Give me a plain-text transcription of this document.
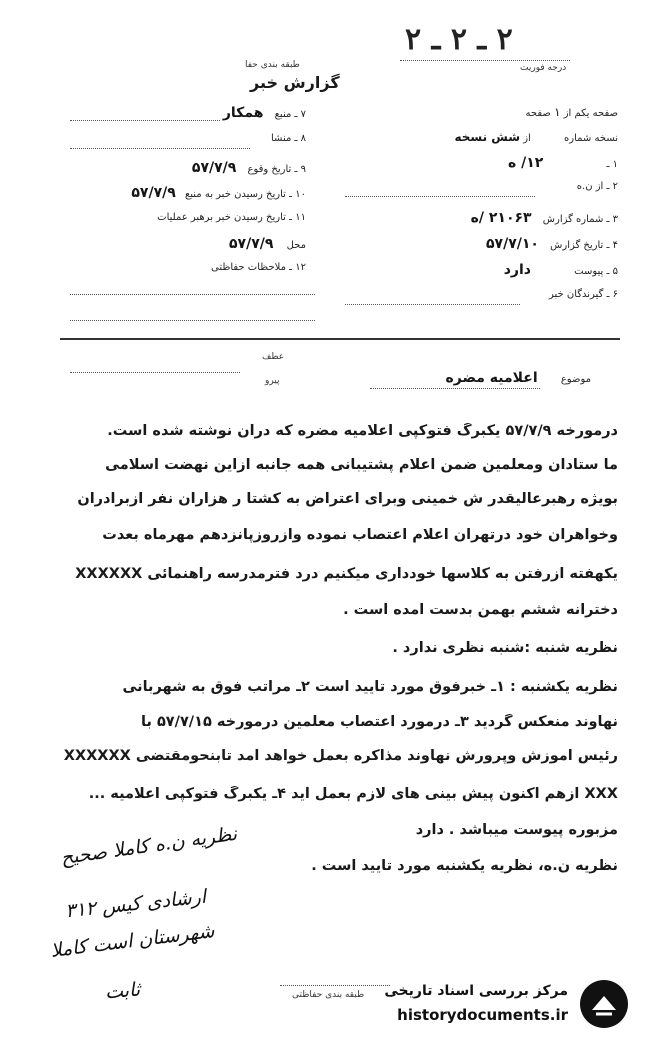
۲ ـ ۲ ـ ۲
درجه فوریت
طبقه بندی حفا
گزارش خبر
صفحه یکم از ۱ صفحه
نسخه شماره از شش نسخه
۱ ـ ۱۲/ ه
۲ ـ از ن.ه
۳ ـ شماره گزارش ۲۱۰۶۳ /ه
۴ ـ تاریخ گزارش ۵۷/۷/۱۰
۵ ـ پیوست دارد
۶ ـ گیرندگان خبر
۷ ـ منبع همکار
۸ ـ منشا
۹ ـ تاریخ وقوع ۵۷/۷/۹
۱۰ ـ تاریخ رسیدن خبر به منبع ۵۷/۷/۹
۱۱ ـ تاریخ رسیدن خبر برهبر عملیات
محل ۵۷/۷/۹
۱۲ ـ ملاحظات حفاظتی
عطف
پیرو	موضوع اعلامیه مضره
درمورخه ۵۷/۷/۹ یکبرگ فتوکپی اعلامیه مضره که درآن نوشته شده است.
ما ستادان ومعلمین ضمن اعلام پشتیبانی همه جانبه ازاین نهضت اسلامی
بویژه رهبرعالیقدر ش خمینی وبرای اعتراض به کشتا ر هزاران نفر ازبرادران
وخواهران خود درتهران اعلام اعتصاب نموده وازروزپانزدهم مهرماه بعدت
یکهفته ازرفتن به کلاسها خودداری میکنیم درد فترمدرسه راهنمائی XXXXXX
دخترانه ششم بهمن بدست آمده است .
نظریه شنبه :شنبه نظری ندارد .
نظریه یکشنبه : ۱ـ خبرفوق مورد تایید است ۲ـ مراتب فوق به شهربانی
نهاوند منعکس گردید ۳ـ درمورد اعتصاب معلمین درمورخه ۵۷/۷/۱۵ با
رئیس آموزش وپرورش نهاوند مذاکره بعمل خواهد آمد تابنحومقتضی XXXXXX
XXX ازهم اکنون پیش بینی های لازم بعمل آید ۴ـ یکبرگ فتوکپی اعلامیه ...
مزبوره پیوست میباشد . دارد
نظریه ن.ه، نظریه یکشنبه مورد تایید است .
نظریه ن.ه کاملا صحیح
ارشادی کیس ۳۱۲
شهرستان است کاملا
ثابت	طبقه بندی حفاظتی مرکز بررسی اسناد تاریخی
historydocuments.ir
